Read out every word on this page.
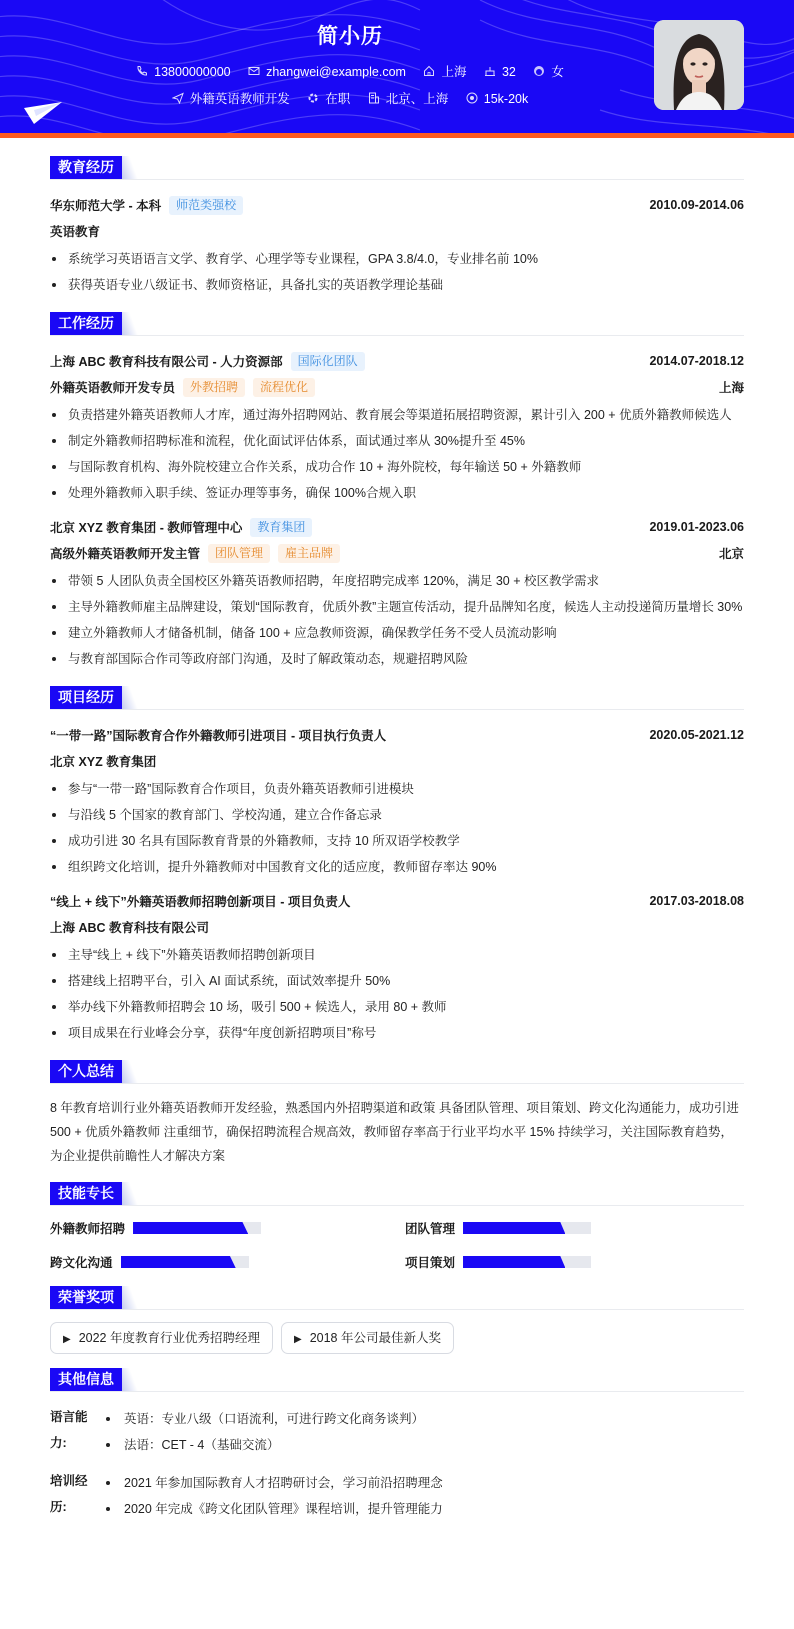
简小历
13800000000	zhangwei@example.com	上海	32	女
外籍英语教师开发	在职	北京、上海	15k-20k
教育经历
华东师范大学 - 本科	师范类强校	2010.09-2014.06
英语教育
系统学习英语语言文学、教育学、心理学等专业课程，GPA 3.8/4.0，专业排名前 10%
获得英语专业八级证书、教师资格证，具备扎实的英语教学理论基础
工作经历
上海 ABC 教育科技有限公司 - 人力资源部	国际化团队	2014.07-2018.12
外籍英语教师开发专员	外教招聘	流程优化	上海
负责搭建外籍英语教师人才库，通过海外招聘网站、教育展会等渠道拓展招聘资源，累计引入 200 + 优质外籍教师候选人
制定外籍教师招聘标准和流程，优化面试评估体系，面试通过率从 30%提升至 45%
与国际教育机构、海外院校建立合作关系，成功合作 10 + 海外院校，每年输送 50 + 外籍教师
处理外籍教师入职手续、签证办理等事务，确保 100%合规入职
北京 XYZ 教育集团 - 教师管理中心	教育集团	2019.01-2023.06
高级外籍英语教师开发主管	团队管理	雇主品牌	北京
带领 5 人团队负责全国校区外籍英语教师招聘，年度招聘完成率 120%，满足 30 + 校区教学需求
主导外籍教师雇主品牌建设，策划“国际教育，优质外教”主题宣传活动，提升品牌知名度，候选人主动投递简历量增长 30%
建立外籍教师人才储备机制，储备 100 + 应急教师资源，确保教学任务不受人员流动影响
与教育部国际合作司等政府部门沟通，及时了解政策动态，规避招聘风险
项目经历
“一带一路”国际教育合作外籍教师引进项目 - 项目执行负责人	2020.05-2021.12
北京 XYZ 教育集团
参与“一带一路”国际教育合作项目，负责外籍英语教师引进模块
与沿线 5 个国家的教育部门、学校沟通，建立合作备忘录
成功引进 30 名具有国际教育背景的外籍教师，支持 10 所双语学校教学
组织跨文化培训，提升外籍教师对中国教育文化的适应度，教师留存率达 90%
“线上 + 线下”外籍英语教师招聘创新项目 - 项目负责人	2017.03-2018.08
上海 ABC 教育科技有限公司
主导“线上 + 线下”外籍英语教师招聘创新项目
搭建线上招聘平台，引入 AI 面试系统，面试效率提升 50%
举办线下外籍教师招聘会 10 场，吸引 500 + 候选人，录用 80 + 教师
项目成果在行业峰会分享，获得“年度创新招聘项目”称号
个人总结

8 年教育培训行业外籍英语教师开发经验，熟悉国内外招聘渠道和政策 具备团队管理、项目策划、跨文化沟通能力，成功引进 500 + 优质外籍教师 注重细节，确保招聘流程合规高效，教师留存率高于行业平均水平 15% 持续学习，关注国际教育趋势，为企业提供前瞻性人才解决方案

技能专长
外籍教师招聘	团队管理
跨文化沟通	项目策划
荣誉奖项
▶ 2022 年度教育行业优秀招聘经理	▶ 2018 年公司最佳新人奖
其他信息
语言能力:
英语：专业八级（口语流利，可进行跨文化商务谈判）
法语：CET - 4（基础交流）
培训经历:
2021 年参加国际教育人才招聘研讨会，学习前沿招聘理念
2020 年完成《跨文化团队管理》课程培训，提升管理能力
